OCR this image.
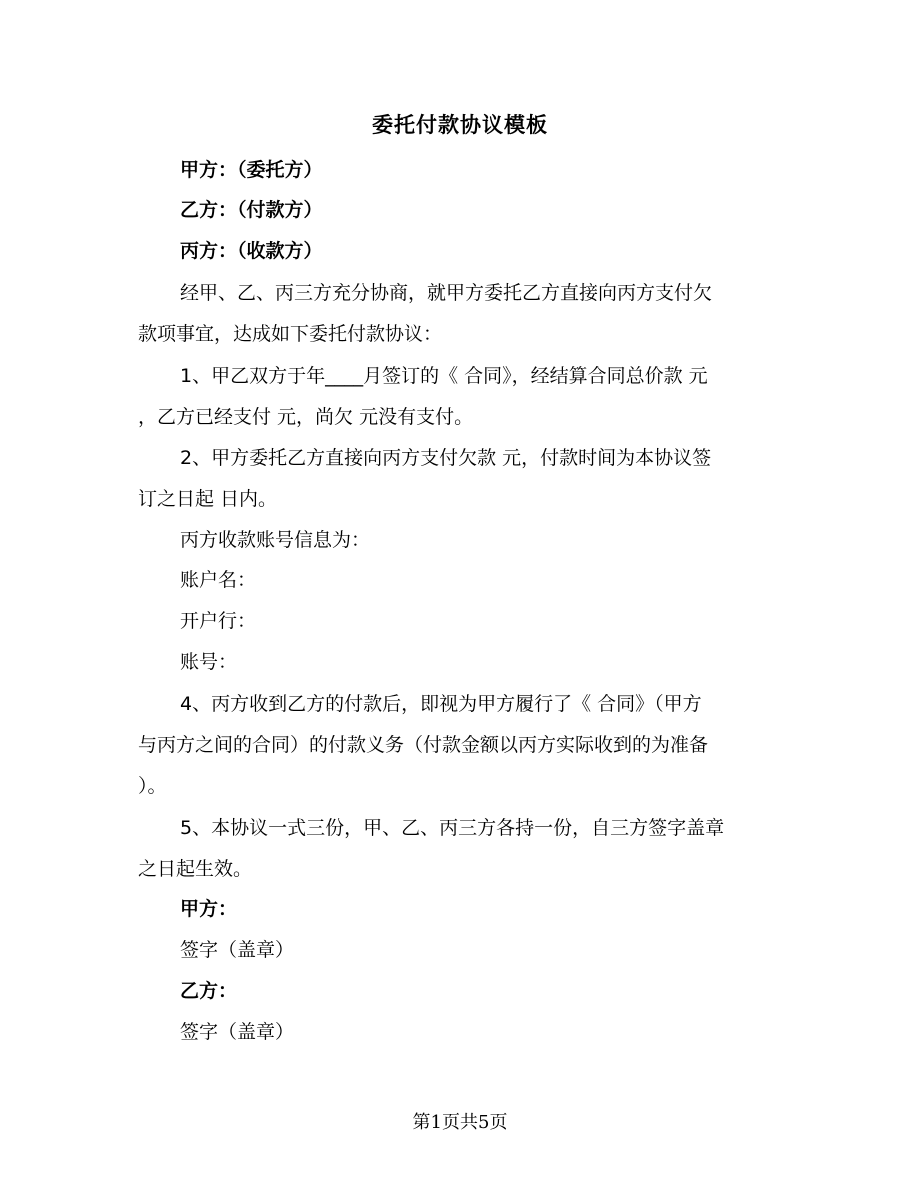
委托付款协议模板
甲方：（委托方）
乙方：（付款方）
丙方：（收款方）
经甲、乙、丙三方充分协商，就甲方委托乙方直接向丙方支付欠
款项事宜，达成如下委托付款协议：
1、甲乙双方于年____月签订的《 合同》，经结算合同总价款 元
，乙方已经支付 元，尚欠 元没有支付。
2、甲方委托乙方直接向丙方支付欠款 元，付款时间为本协议签
订之日起 日内。
丙方收款账号信息为：
账户名：
开户行：
账号：
4、丙方收到乙方的付款后，即视为甲方履行了《 合同》（甲方
与丙方之间的合同）的付款义务（付款金额以丙方实际收到的为准备
）。
5、本协议一式三份，甲、乙、丙三方各持一份，自三方签字盖章
之日起生效。
甲方：
签字（盖章）
乙方：
签字（盖章）
第1页共5页
